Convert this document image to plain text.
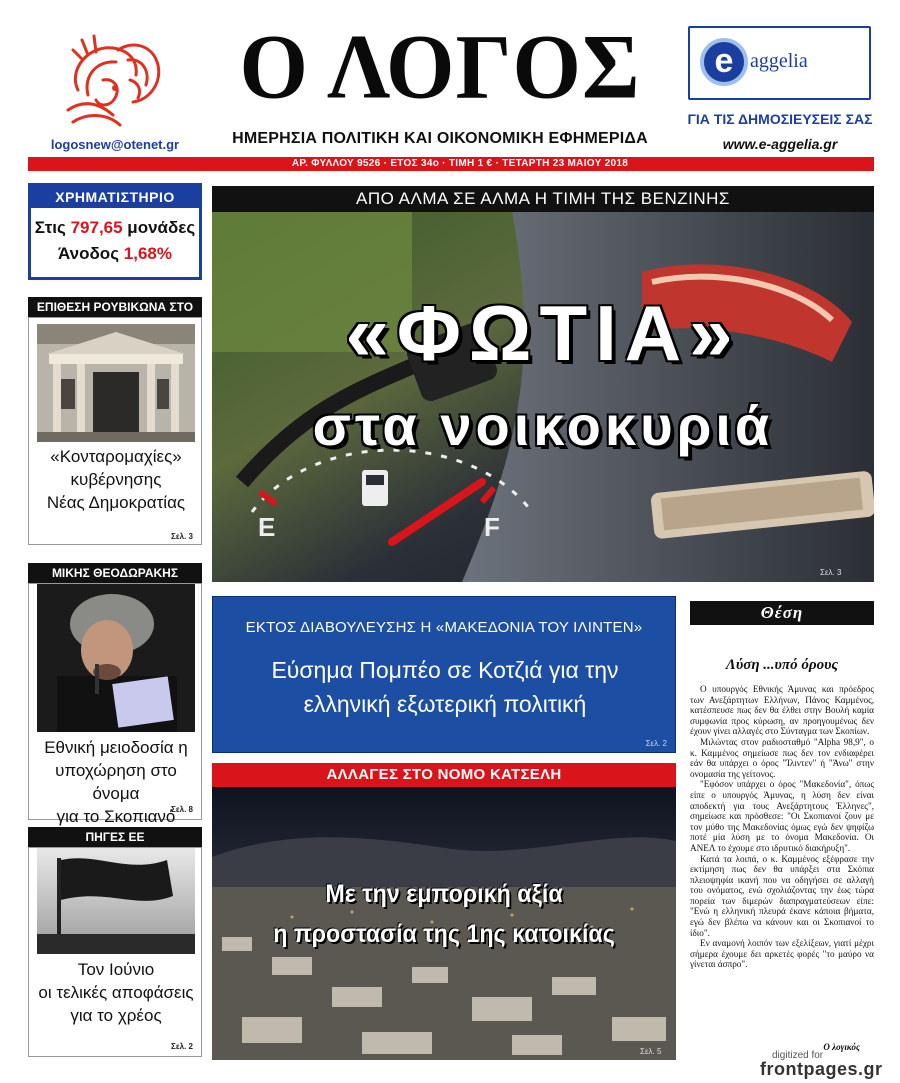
logosnew@otenet.gr
Ο ΛΟΓΟΣ
ΗΜΕΡΗΣΙΑ ΠΟΛΙΤΙΚΗ ΚΑΙ ΟΙΚΟΝΟΜΙΚΗ ΕΦΗΜΕΡΙΔΑ
e aggelia
ΓΙΑ ΤΙΣ ΔΗΜΟΣΙΕΥΣΕΙΣ ΣΑΣ
www.e-aggelia.gr
ΑΡ. ΦΥΛΛΟΥ 9526 · ΕΤΟΣ 34ο · ΤΙΜΗ 1 € · ΤΕΤΑΡΤΗ 23 ΜΑΙΟΥ 2018
ΧΡΗΜΑΤΙΣΤΗΡΙΟ
Στις 797,65 μονάδες
Άνοδος 1,68%
ΕΠΙΘΕΣΗ ΡΟΥΒΙΚΩΝΑ ΣΤΟ
«Κονταρομαχίες»
κυβέρνησης
Νέας Δημοκρατίας
Σελ. 3
ΜΙΚΗΣ ΘΕΟΔΩΡΑΚΗΣ
Εθνική μειοδοσία η
υποχώρηση στο όνομα
για το Σκοπιανό
Σελ. 8
ΠΗΓΕΣ ΕΕ
Τον Ιούνιο
οι τελικές αποφάσεις
για το χρέος
Σελ. 2
ΑΠΟ ΑΛΜΑ ΣΕ ΑΛΜΑ Η ΤΙΜΗ ΤΗΣ ΒΕΝΖΙΝΗΣ
E	F
«ΦΩΤΙΑ»
στα νοικοκυριά
Σελ. 3
ΕΚΤΟΣ ΔΙΑΒΟΥΛΕΥΣΗΣ Η «ΜΑΚΕΔΟΝΙΑ ΤΟΥ ΙΛΙΝΤΕΝ»
Εύσημα Πομπέο σε Κοτζιά για την
ελληνική εξωτερική πολιτική
Σελ. 2
ΑΛΛΑΓΕΣ ΣΤΟ ΝΟΜΟ ΚΑΤΣΕΛΗ
Με την εμπορική αξία
η προστασία της 1ης κατοικίας
Σελ. 5
Θέση
Λύση ...υπό όρους

Ο υπουργός Εθνικής Άμυνας και πρόεδρος των Ανεξάρτητων Ελλήνων, Πάνος Καμμένος, κατέσπευσε πως δεν θα έλθει στην Βουλή καμία συμφωνία προς κύρωση, αν προηγουμένως δεν έχουν γίνει αλλαγές στο Σύνταγμα των Σκοπίων.

Μιλώντας στον ραδιοσταθμό "Alpha 98,9", ο κ. Καμμένος σημείωσε πως δεν τον ενδιαφέρει εάν θα υπάρχει ο όρος "Ίλιντεν" ή "Άνω" στην ονομασία της γείτονος.

"Εφόσον υπάρχει ο όρος "Μακεδονία", όπως είπε ο υπουργός Άμυνας, η λύση δεν είναι αποδεκτή για τους Ανεξάρτητους Έλληνες", σημείωσε και πρόσθεσε: "Οι Σκοπιανοί ζουν με τον μύθο της Μακεδονίας όμως εγώ δεν ψηφίζω ποτέ μία λύση με το όνομα Μακεδονία. Οι ΑΝΕΛ το έχουμε στο ιδρυτικό διακήρυξη".

Κατά τα λοιπά, ο κ. Καμμένος εξέφρασε την εκτίμηση πως δεν θα υπάρξει στα Σκόπια πλειοψηφία ικανή που να οδηγήσει σε αλλαγή του ονόματος, ενώ σχολιάζοντας την έως τώρα πορεία των διμερών διαπραγματεύσεων είπε: "Ενώ η ελληνική πλευρά έκανε κάποια βήματα, εγώ δεν βλέπω να κάνουν και οι Σκοπιανοί το ίδιο".

Εν αναμονή λοιπόν των εξελίξεων, γιατί μέχρι σήμερα έχουμε δει αρκετές φορές "το μαύρο να γίνεται άσπρο".

Ο λογικός
digitized for
frontpages.gr
